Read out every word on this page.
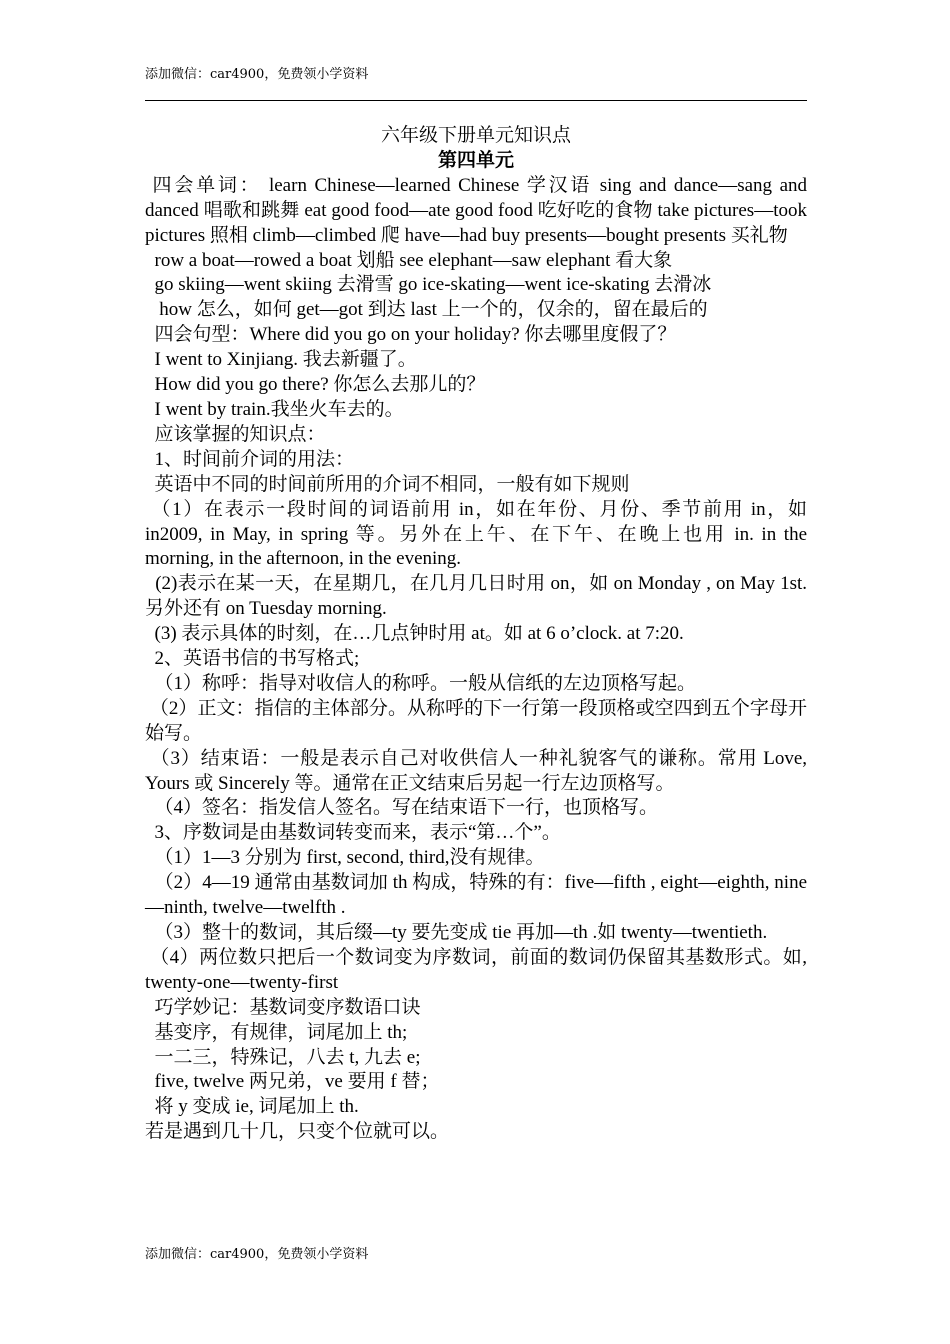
添加微信：car4900，免费领小学资料

六年级下册单元知识点

第四单元

四会单词： learn Chinese—learned Chinese 学汉语 sing and dance—sang and danced 唱歌和跳舞 eat good food—ate good food 吃好吃的食物 take pictures—took pictures 照相 climb—climbed 爬 have—had buy presents—bought presents 买礼物

row a boat—rowed a boat 划船 see elephant—saw elephant 看大象

go skiing—went skiing 去滑雪 go ice-skating—went ice-skating 去滑冰

how 怎么，如何 get—got 到达 last 上一个的，仅余的，留在最后的

四会句型：Where did you go on your holiday? 你去哪里度假了？

I went to Xinjiang. 我去新疆了。

How did you go there? 你怎么去那儿的？

I went by train.我坐火车去的。

应该掌握的知识点：

1、时间前介词的用法：

英语中不同的时间前所用的介词不相同，一般有如下规则

（1）在表示一段时间的词语前用 in，如在年份、月份、季节前用 in，如 in2009, in May, in spring 等。另外在上午、在下午、在晚上也用 in. in the morning, in the afternoon, in the evening.

(2)表示在某一天，在星期几，在几月几日时用 on，如 on Monday , on May 1st. 另外还有 on Tuesday morning.

(3) 表示具体的时刻，在…几点钟时用 at。如 at 6 o’clock. at 7:20.

2、英语书信的书写格式;

（1）称呼：指导对收信人的称呼。一般从信纸的左边顶格写起。

（2）正文：指信的主体部分。从称呼的下一行第一段顶格或空四到五个字母开始写。

（3）结束语：一般是表示自己对收供信人一种礼貌客气的谦称。常用 Love, Yours 或 Sincerely 等。通常在正文结束后另起一行左边顶格写。

（4）签名：指发信人签名。写在结束语下一行，也顶格写。

3、序数词是由基数词转变而来，表示“第…个”。

（1）1—3 分别为 first, second, third,没有规律。

（2）4—19 通常由基数词加 th 构成，特殊的有：five—fifth , eight—eighth, nine—ninth, twelve—twelfth .

（3）整十的数词，其后缀—ty 要先变成 tie 再加—th .如 twenty—twentieth.

（4）两位数只把后一个数词变为序数词，前面的数词仍保留其基数形式。如, twenty-one—twenty-first

巧学妙记：基数词变序数语口诀

基变序，有规律，词尾加上 th;

一二三，特殊记，八去 t, 九去 e;

five, twelve 两兄弟，ve 要用 f 替；

将 y 变成 ie, 词尾加上 th.

若是遇到几十几，只变个位就可以。

添加微信：car4900，免费领小学资料
